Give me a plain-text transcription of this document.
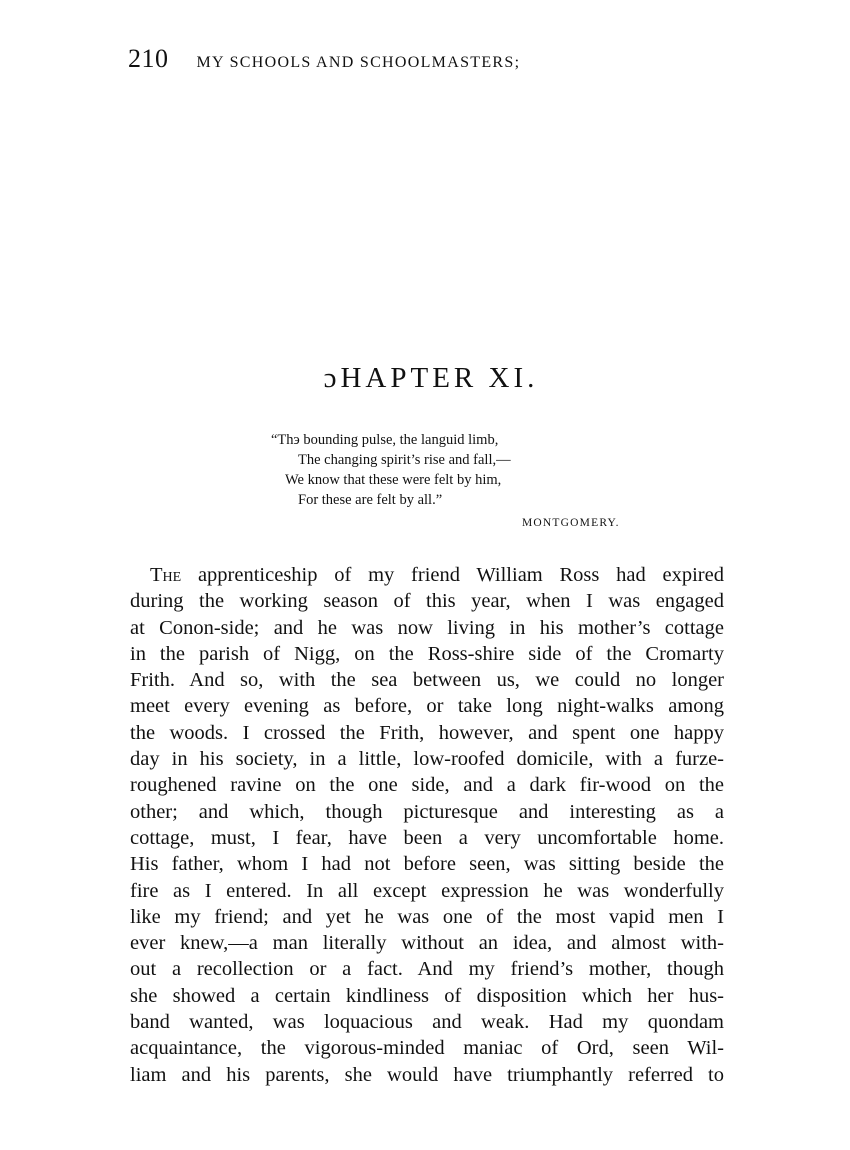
210 MY SCHOOLS AND SCHOOLMASTERS;
ɔHAPTER XI.
“Thэ bounding pulse, the languid limb,
The changing spirit’s rise and fall,—
We know that these were felt by him,
For these are felt by all.”
MONTGOMERY.
The apprenticeship of my friend William Ross had expired
during the working season of this year, when I was engaged
at Conon-side; and he was now living in his mother’s cottage
in the parish of Nigg, on the Ross-shire side of the Cromarty
Frith. And so, with the sea between us, we could no longer
meet every evening as before, or take long night-walks among
the woods. I crossed the Frith, however, and spent one happy
day in his society, in a little, low-roofed domicile, with a furze-
roughened ravine on the one side, and a dark fir-wood on the
other; and which, though picturesque and interesting as a
cottage, must, I fear, have been a very uncomfortable home.
His father, whom I had not before seen, was sitting beside the
fire as I entered. In all except expression he was wonderfully
like my friend; and yet he was one of the most vapid men I
ever knew,—a man literally without an idea, and almost with-
out a recollection or a fact. And my friend’s mother, though
she showed a certain kindliness of disposition which her hus-
band wanted, was loquacious and weak. Had my quondam
acquaintance, the vigorous-minded maniac of Ord, seen Wil-
liam and his parents, she would have triumphantly referred to
